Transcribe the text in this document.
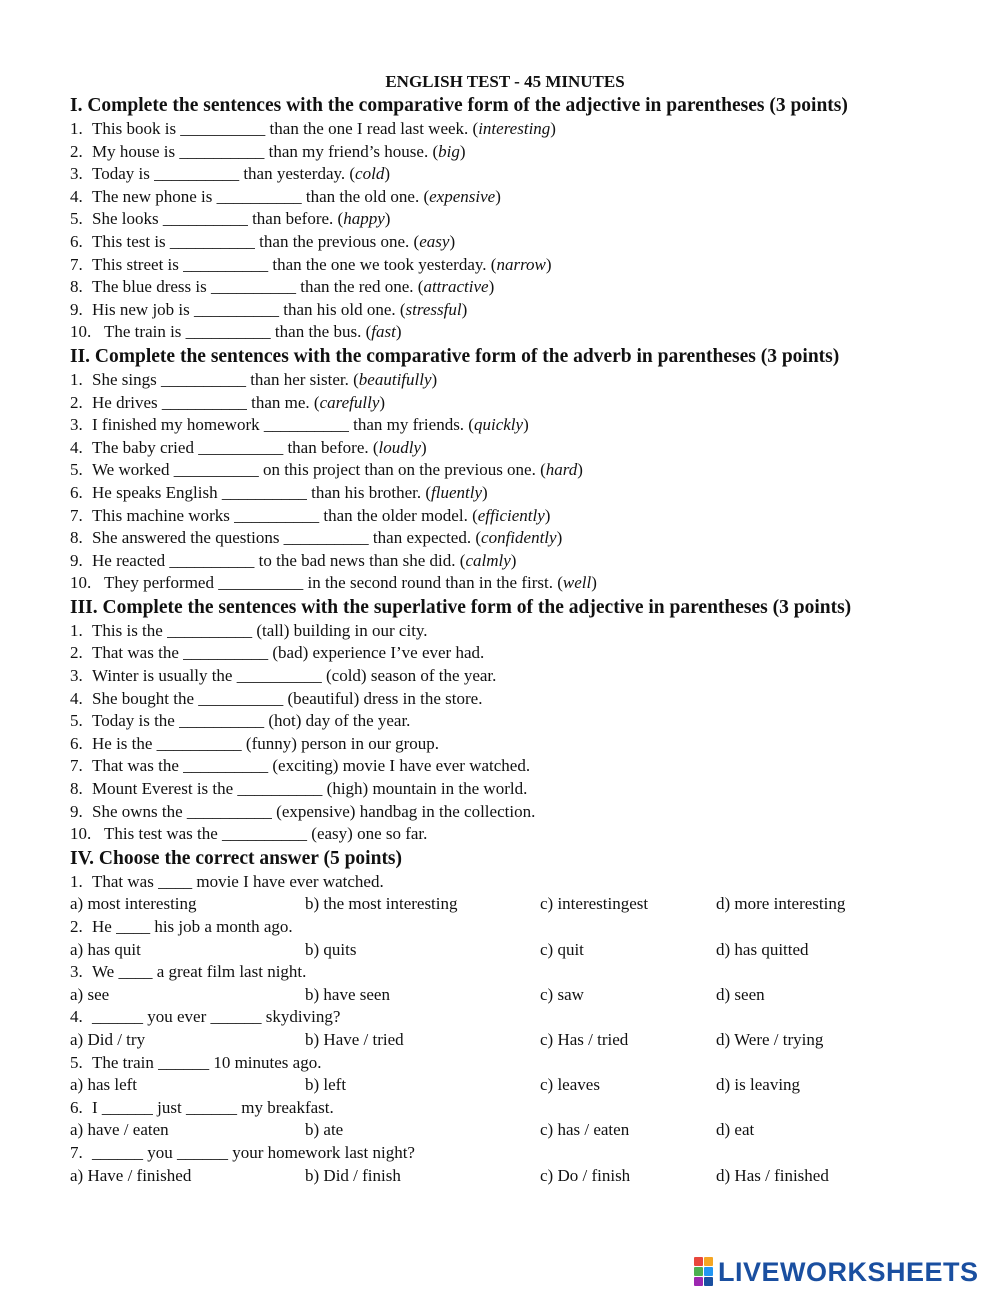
ENGLISH TEST - 45 MINUTES
I. Complete the sentences with the comparative form of the adjective in parentheses (3 points)
1. This book is __________ than the one I read last week. (interesting)
2. My house is __________ than my friend’s house. (big)
3. Today is __________ than yesterday. (cold)
4. The new phone is __________ than the old one. (expensive)
5. She looks __________ than before. (happy)
6. This test is __________ than the previous one. (easy)
7. This street is __________ than the one we took yesterday. (narrow)
8. The blue dress is __________ than the red one. (attractive)
9. His new job is __________ than his old one. (stressful)
10. The train is __________ than the bus. (fast)
II. Complete the sentences with the comparative form of the adverb in parentheses (3 points)
1. She sings __________ than her sister. (beautifully)
2. He drives __________ than me. (carefully)
3. I finished my homework __________ than my friends. (quickly)
4. The baby cried __________ than before. (loudly)
5. We worked __________ on this project than on the previous one. (hard)
6. He speaks English __________ than his brother. (fluently)
7. This machine works __________ than the older model. (efficiently)
8. She answered the questions __________ than expected. (confidently)
9. He reacted __________ to the bad news than she did. (calmly)
10. They performed __________ in the second round than in the first. (well)
III. Complete the sentences with the superlative form of the adjective in parentheses (3 points)
1. This is the __________ (tall) building in our city.
2. That was the __________ (bad) experience I’ve ever had.
3. Winter is usually the __________ (cold) season of the year.
4. She bought the __________ (beautiful) dress in the store.
5. Today is the __________ (hot) day of the year.
6. He is the __________ (funny) person in our group.
7. That was the __________ (exciting) movie I have ever watched.
8. Mount Everest is the __________ (high) mountain in the world.
9. She owns the __________ (expensive) handbag in the collection.
10. This test was the __________ (easy) one so far.
IV. Choose the correct answer (5 points)
1. That was ____ movie I have ever watched.
a) most interesting	b) the most interesting	c) interestingest	d) more interesting
2. He ____ his job a month ago.
a) has quit	b) quits	c) quit	d) has quitted
3. We ____ a great film last night.
a) see	b) have seen	c) saw	d) seen
4. ______ you ever ______ skydiving?
a) Did / try	b) Have / tried	c) Has / tried	d) Were / trying
5. The train ______ 10 minutes ago.
a) has left	b) left	c) leaves	d) is leaving
6. I ______ just ______ my breakfast.
a) have / eaten	b) ate	c) has / eaten	d) eat
7. ______ you ______ your homework last night?
a) Have / finished	b) Did / finish	c) Do / finish	d) Has / finished
LIVEWORKSHEETS
